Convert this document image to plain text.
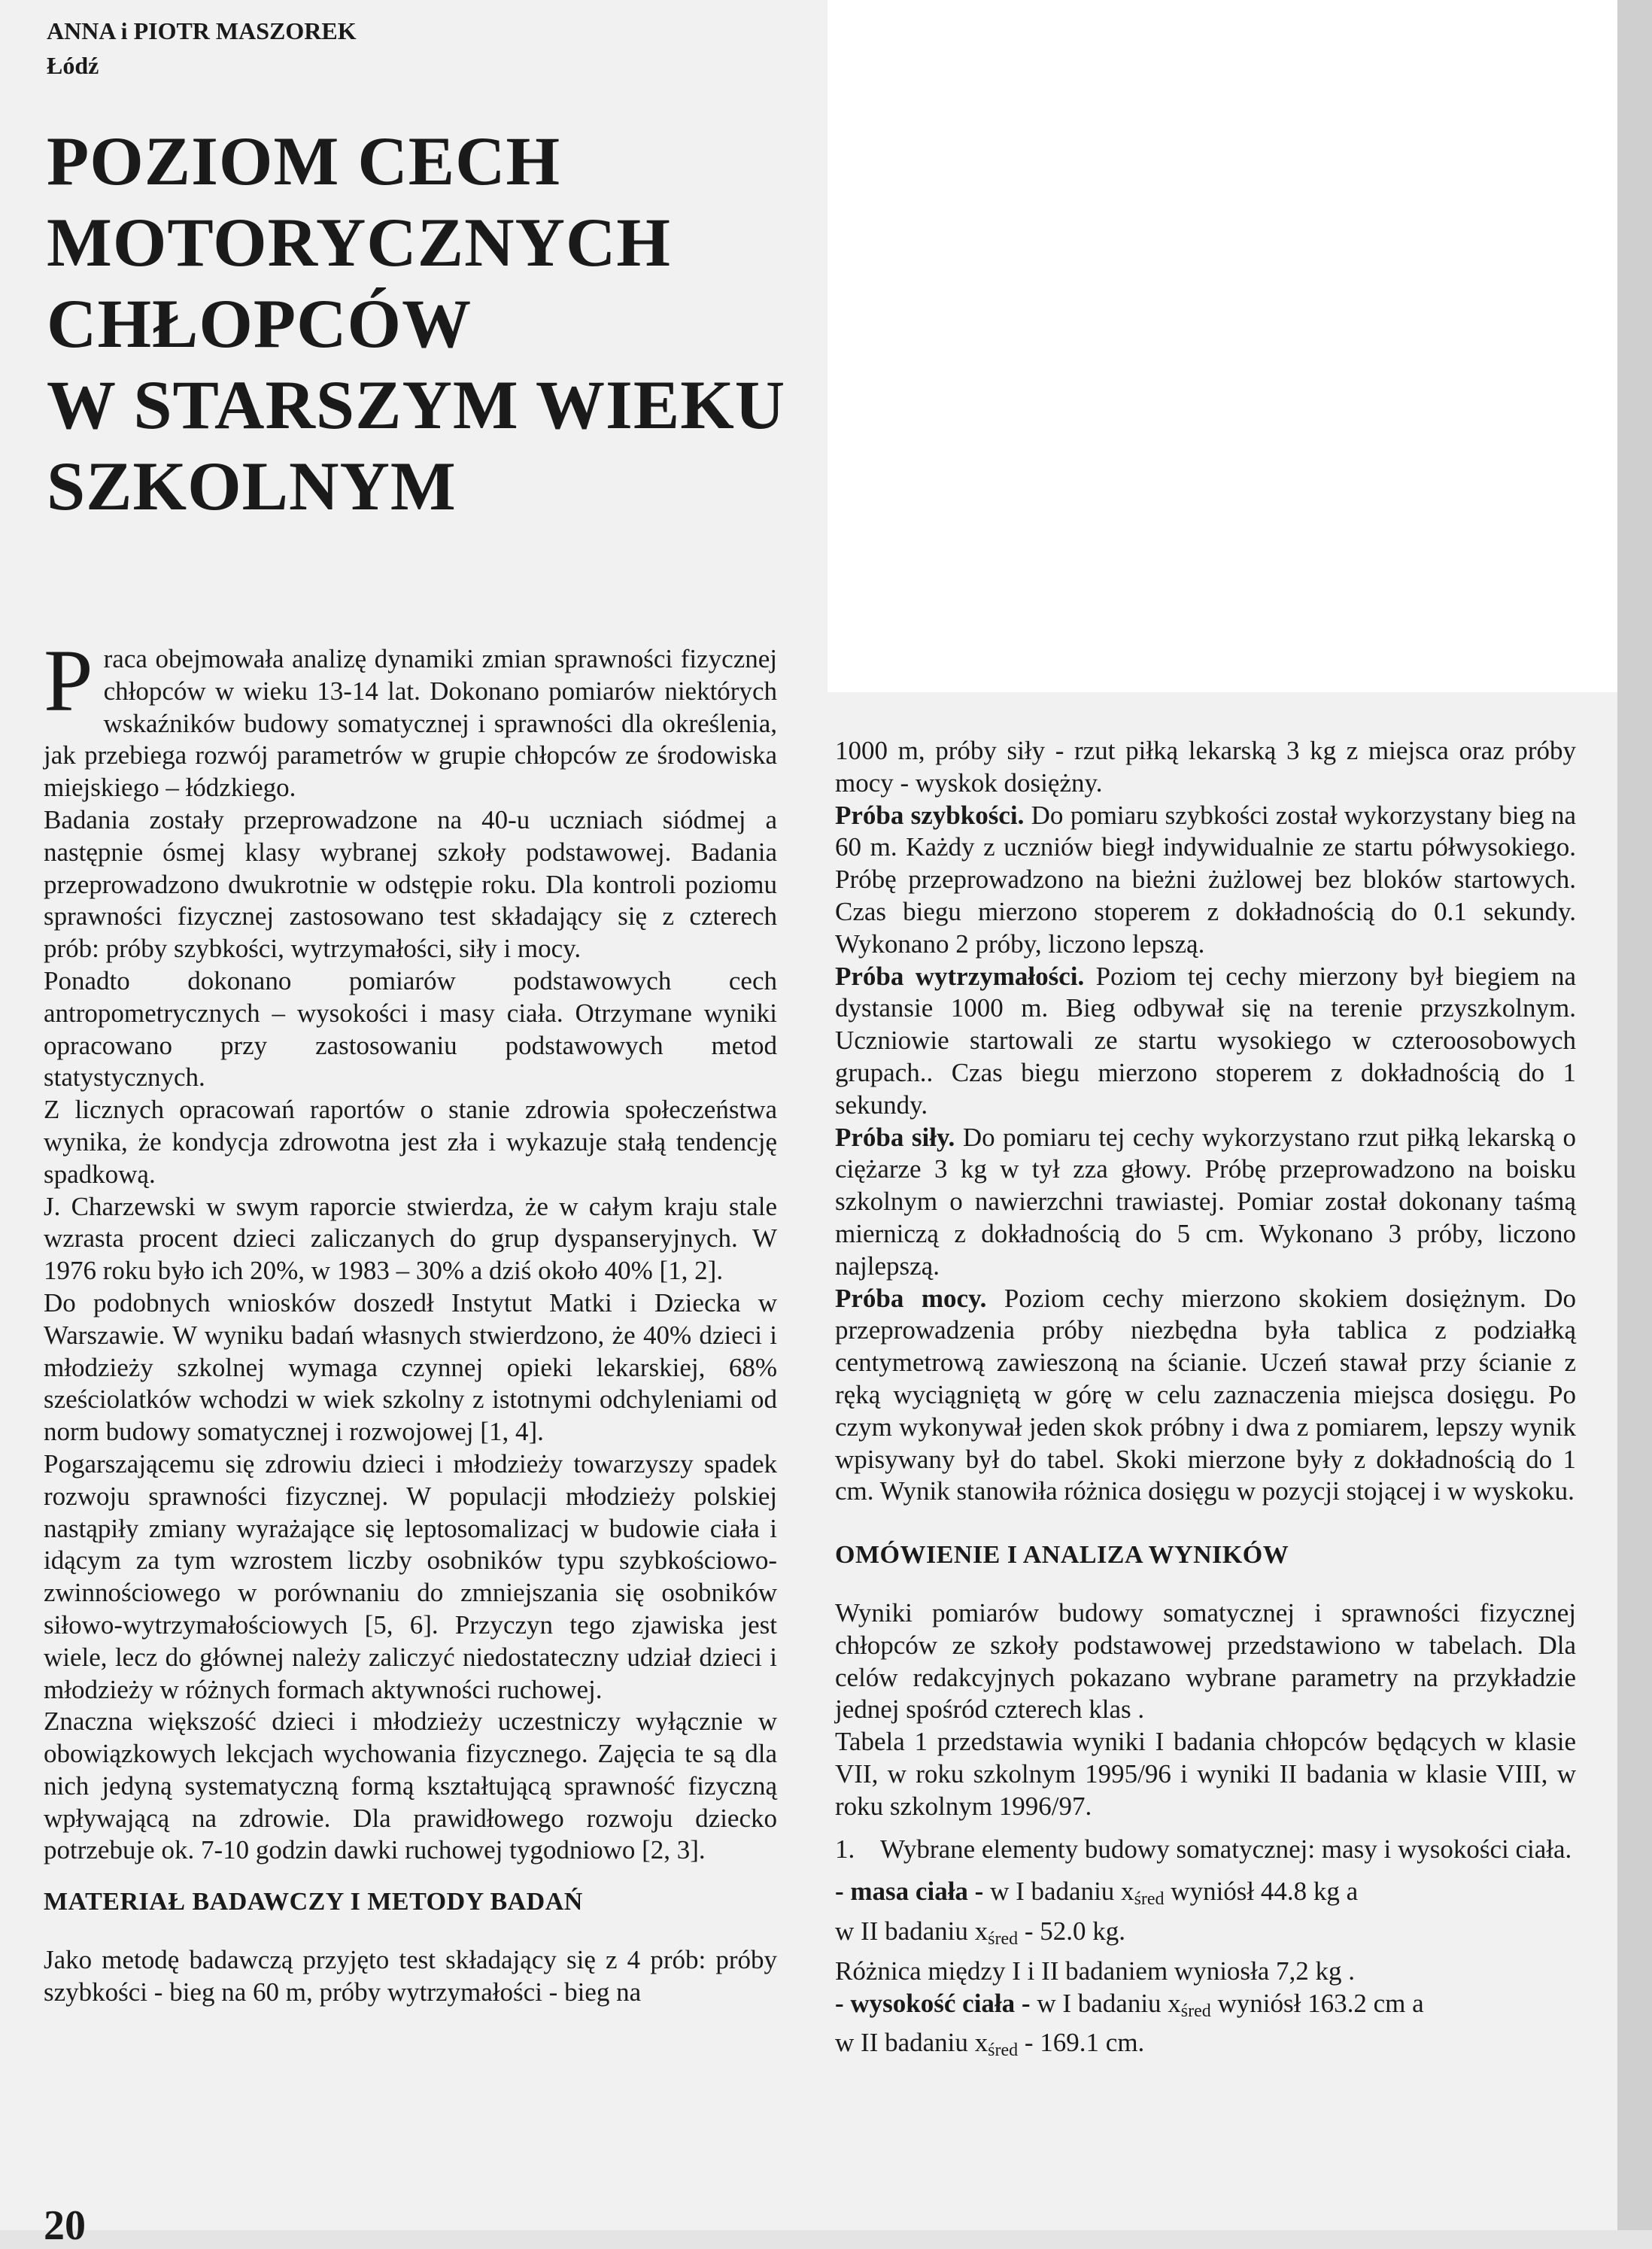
ANNA i PIOTR MASZOREK
Łódź
POZIOM CECH
MOTORYCZNYCH
CHŁOPCÓW
W STARSZYM WIEKU
SZKOLNYM

Praca obejmowała analizę dynamiki zmian sprawności fizycznej chłopców w wieku 13-14 lat. Dokonano pomiarów niektórych wskaźników budowy somatycznej i sprawności dla określenia, jak przebiega rozwój parametrów w grupie chłopców ze środowiska miejskiego – łódzkiego.

Badania zostały przeprowadzone na 40-u uczniach siódmej a następnie ósmej klasy wybranej szkoły podstawowej. Badania przeprowadzono dwukrotnie w odstępie roku. Dla kontroli poziomu sprawności fizycznej zastosowano test składający się z czterech prób: próby szybkości, wytrzymałości, siły i mocy.

Ponadto dokonano pomiarów podstawowych cech antropometrycznych – wysokości i masy ciała. Otrzymane wyniki opracowano przy zastosowaniu podstawowych metod statystycznych.

Z licznych opracowań raportów o stanie zdrowia społeczeństwa wynika, że kondycja zdrowotna jest zła i wykazuje stałą tendencję spadkową.

J. Charzewski w swym raporcie stwierdza, że w całym kraju stale wzrasta procent dzieci zaliczanych do grup dyspanseryjnych. W 1976 roku było ich 20%, w 1983 – 30% a dziś około 40% [1, 2].

Do podobnych wniosków doszedł Instytut Matki i Dziecka w Warszawie. W wyniku badań własnych stwierdzono, że 40% dzieci i młodzieży szkolnej wymaga czynnej opieki lekarskiej, 68% sześciolatków wchodzi w wiek szkolny z istotnymi odchyleniami od norm budowy somatycznej i rozwojowej [1, 4].

Pogarszającemu się zdrowiu dzieci i młodzieży towarzyszy spadek rozwoju sprawności fizycznej. W populacji młodzieży polskiej nastąpiły zmiany wyrażające się leptosomalizacj w budowie ciała i idącym za tym wzrostem liczby osobników typu szybkościowo-zwinnościowego w porównaniu do zmniejszania się osobników siłowo-wytrzymałościowych [5, 6]. Przyczyn tego zjawiska jest wiele, lecz do głównej należy zaliczyć niedostateczny udział dzieci i młodzieży w różnych formach aktywności ruchowej.

Znaczna większość dzieci i młodzieży uczestniczy wyłącznie w obowiązkowych lekcjach wychowania fizycznego. Zajęcia te są dla nich jedyną systematyczną formą kształtującą sprawność fizyczną wpływającą na zdrowie. Dla prawidłowego rozwoju dziecko potrzebuje ok. 7-10 godzin dawki ruchowej tygodniowo [2, 3].

MATERIAŁ BADAWCZY I METODY BADAŃ

Jako metodę badawczą przyjęto test składający się z 4 prób: próby szybkości - bieg na 60 m, próby wytrzymałości - bieg na

1000 m, próby siły - rzut piłką lekarską 3 kg z miejsca oraz próby mocy - wyskok dosiężny.

Próba szybkości. Do pomiaru szybkości został wykorzystany bieg na 60 m. Każdy z uczniów biegł indywidualnie ze startu półwysokiego. Próbę przeprowadzono na bieżni żużlowej bez bloków startowych. Czas biegu mierzono stoperem z dokładnością do 0.1 sekundy. Wykonano 2 próby, liczono lepszą.

Próba wytrzymałości. Poziom tej cechy mierzony był biegiem na dystansie 1000 m. Bieg odbywał się na terenie przyszkolnym. Uczniowie startowali ze startu wysokiego w czteroosobowych grupach.. Czas biegu mierzono stoperem z dokładnością do 1 sekundy.

Próba siły. Do pomiaru tej cechy wykorzystano rzut piłką lekarską o ciężarze 3 kg w tył zza głowy. Próbę przeprowadzono na boisku szkolnym o nawierzchni trawiastej. Pomiar został dokonany taśmą mierniczą z dokładnością do 5 cm. Wykonano 3 próby, liczono najlepszą.

Próba mocy. Poziom cechy mierzono skokiem dosiężnym. Do przeprowadzenia próby niezbędna była tablica z podziałką centymetrową zawieszoną na ścianie. Uczeń stawał przy ścianie z ręką wyciągniętą w górę w celu zaznaczenia miejsca dosięgu. Po czym wykonywał jeden skok próbny i dwa z pomiarem, lepszy wynik wpisywany był do tabel. Skoki mierzone były z dokładnością do 1 cm. Wynik stanowiła różnica dosięgu w pozycji stojącej i w wyskoku.

OMÓWIENIE I ANALIZA WYNIKÓW

Wyniki pomiarów budowy somatycznej i sprawności fizycznej chłopców ze szkoły podstawowej przedstawiono w tabelach. Dla celów redakcyjnych pokazano wybrane parametry na przykładzie jednej spośród czterech klas .

Tabela 1 przedstawia wyniki I badania chłopców będących w klasie VII, w roku szkolnym 1995/96 i wyniki II badania w klasie VIII, w roku szkolnym 1996/97.

1. Wybrane elementy budowy somatycznej: masy i wysokości ciała.

- masa ciała - w I badaniu $x_{śred}$ wyniósł 44.8 kg a

w II badaniu $x_{śred} - 52.0$ kg.

Różnica między I i II badaniem wyniosła 7,2 kg .

- wysokość ciała - w I badaniu $x_{śred}$ wyniósł 163.2 cm a

w II badaniu $x_{śred} - 169.1$ cm.

20
